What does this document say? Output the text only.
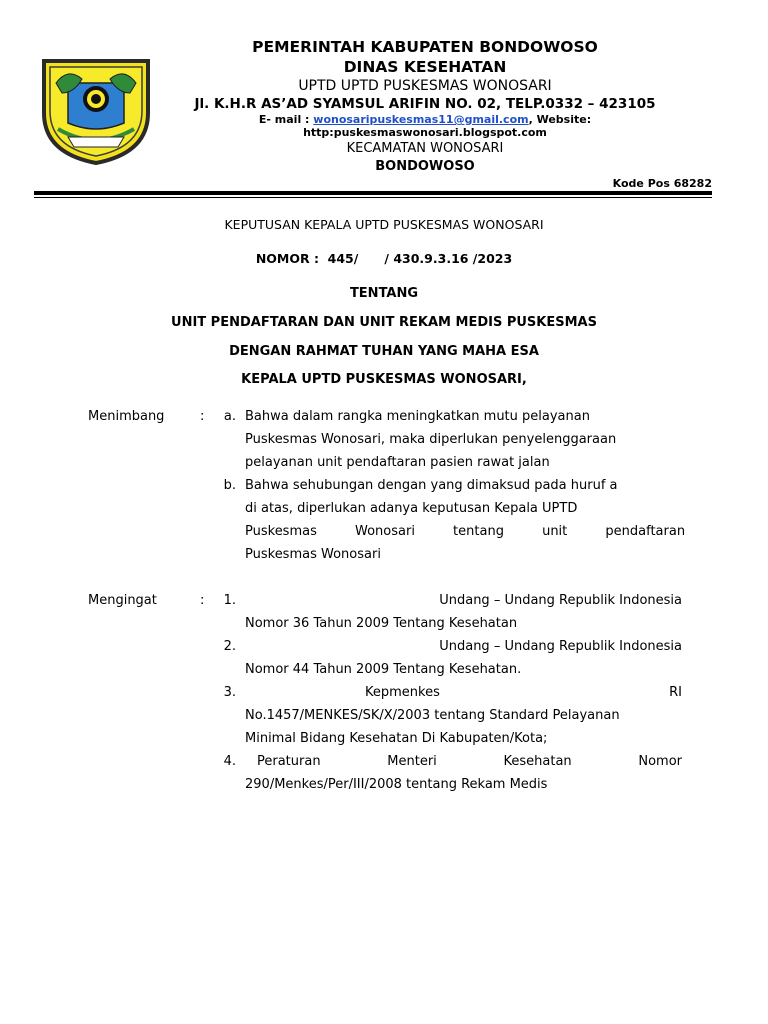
PEMERINTAH KABUPATEN BONDOWOSO
DINAS KESEHATAN
UPTD UPTD PUSKESMAS WONOSARI
Jl. K.H.R AS’AD SYAMSUL ARIFIN NO. 02, TELP.0332 – 423105
E- mail : wonosaripuskesmas11@gmail.com, Website:
http:puskesmaswonosari.blogspot.com
KECAMATAN WONOSARI
BONDOWOSO
Kode Pos 68282
KEPUTUSAN KEPALA UPTD PUSKESMAS WONOSARI
NOMOR :  445/      / 430.9.3.16 /2023
TENTANG
UNIT PENDAFTARAN DAN UNIT REKAM MEDIS PUSKESMAS
DENGAN RAHMAT TUHAN YANG MAHA ESA
KEPALA UPTD PUSKESMAS WONOSARI,
Menimbang	:	a. Bahwa dalam rangka meningkatkan mutu pelayanan
Puskesmas Wonosari, maka diperlukan penyelenggaraan
pelayanan unit pendaftaran pasien rawat jalan
b. Bahwa sehubungan dengan yang dimaksud pada huruf a
di atas, diperlukan adanya keputusan Kepala UPTD
Puskesmas Wonosari tentang unit pendaftaran
Puskesmas Wonosari
Mengingat	:	1.	Undang – Undang Republik Indonesia
Nomor 36 Tahun 2009 Tentang Kesehatan
2.	Undang – Undang Republik Indonesia
Nomor 44 Tahun 2009 Tentang Kesehatan.
3.	Kepmenkes	RI
No.1457/MENKES/SK/X/2003 tentang Standard Pelayanan
Minimal Bidang Kesehatan Di Kabupaten/Kota;
4. Peraturan	Menteri	Kesehatan	Nomor
290/Menkes/Per/III/2008 tentang Rekam Medis
